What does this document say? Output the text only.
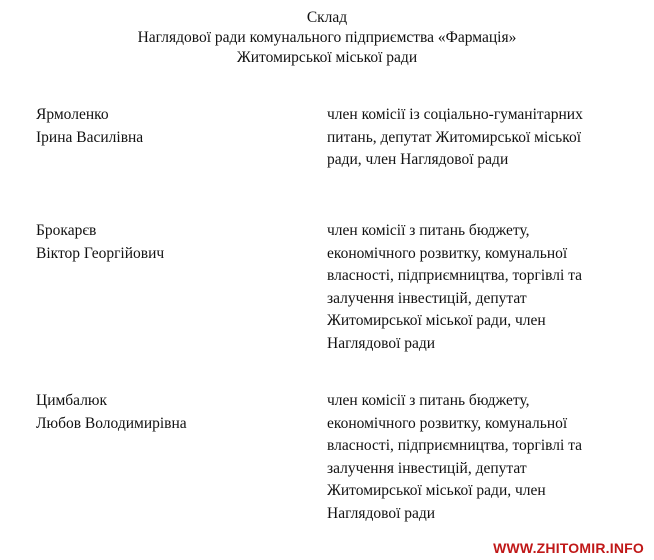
Склад
Наглядової ради комунального підприємства «Фармація»
Житомирської міської ради
Ярмоленко
Ірина Василівна
член комісії із соціально-гуманітарних
питань, депутат Житомирської міської
ради, член Наглядової ради
Брокарєв
Віктор Георгійович
член комісії з питань бюджету,
економічного розвитку, комунальної
власності, підприємництва, торгівлі та
залучення інвестицій, депутат
Житомирської міської ради, член
Наглядової ради
Цимбалюк
Любов Володимирівна
член комісії з питань бюджету,
економічного розвитку, комунальної
власності, підприємництва, торгівлі та
залучення інвестицій, депутат
Житомирської міської ради, член
Наглядової ради
WWW.ZHITOMIR.INFO
